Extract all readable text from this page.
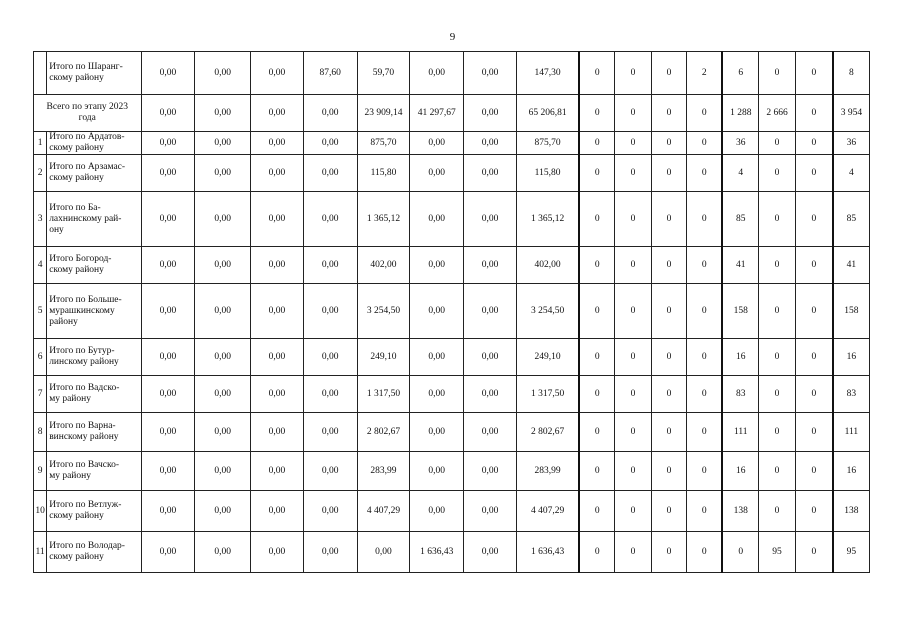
9

	Итого по Шаранг-
скому району	0,00	0,00	0,00	87,60	59,70	0,00	0,00	147,30	0	0	0	2	6	0	0	8

Всего по этапу 2023
года		0,00	0,00	0,00	0,00	23 909,14	41 297,67	0,00	65 206,81	0	0	0	0	1 288	2 666	0	3 954
1	Итого по Ардатов-
скому району	0,00	0,00	0,00	0,00	875,70	0,00	0,00	875,70	0	0	0	0	36	0	0	36
2	Итого по Арзамас-
скому району	0,00	0,00	0,00	0,00	115,80	0,00	0,00	115,80	0	0	0	0	4	0	0	4
3	Итого по Ба-
лахнинскому рай-
ону	0,00	0,00	0,00	0,00	1 365,12	0,00	0,00	1 365,12	0	0	0	0	85	0	0	85
4	Итого Богород-
скому району	0,00	0,00	0,00	0,00	402,00	0,00	0,00	402,00	0	0	0	0	41	0	0	41
5	Итого по Больше-
мурашкинскому
району	0,00	0,00	0,00	0,00	3 254,50	0,00	0,00	3 254,50	0	0	0	0	158	0	0	158
6	Итого по Бутур-
линскому району	0,00	0,00	0,00	0,00	249,10	0,00	0,00	249,10	0	0	0	0	16	0	0	16
7	Итого по Вадско-
му району	0,00	0,00	0,00	0,00	1 317,50	0,00	0,00	1 317,50	0	0	0	0	83	0	0	83
8	Итого по Варна-
винскому району	0,00	0,00	0,00	0,00	2 802,67	0,00	0,00	2 802,67	0	0	0	0	111	0	0	111
9	Итого по Вачско-
му району	0,00	0,00	0,00	0,00	283,99	0,00	0,00	283,99	0	0	0	0	16	0	0	16
10	Итого по Ветлуж-
скому району	0,00	0,00	0,00	0,00	4 407,29	0,00	0,00	4 407,29	0	0	0	0	138	0	0	138
11	Итого по Володар-
скому району	0,00	0,00	0,00	0,00	0,00	1 636,43	0,00	1 636,43	0	0	0	0	0	95	0	95
